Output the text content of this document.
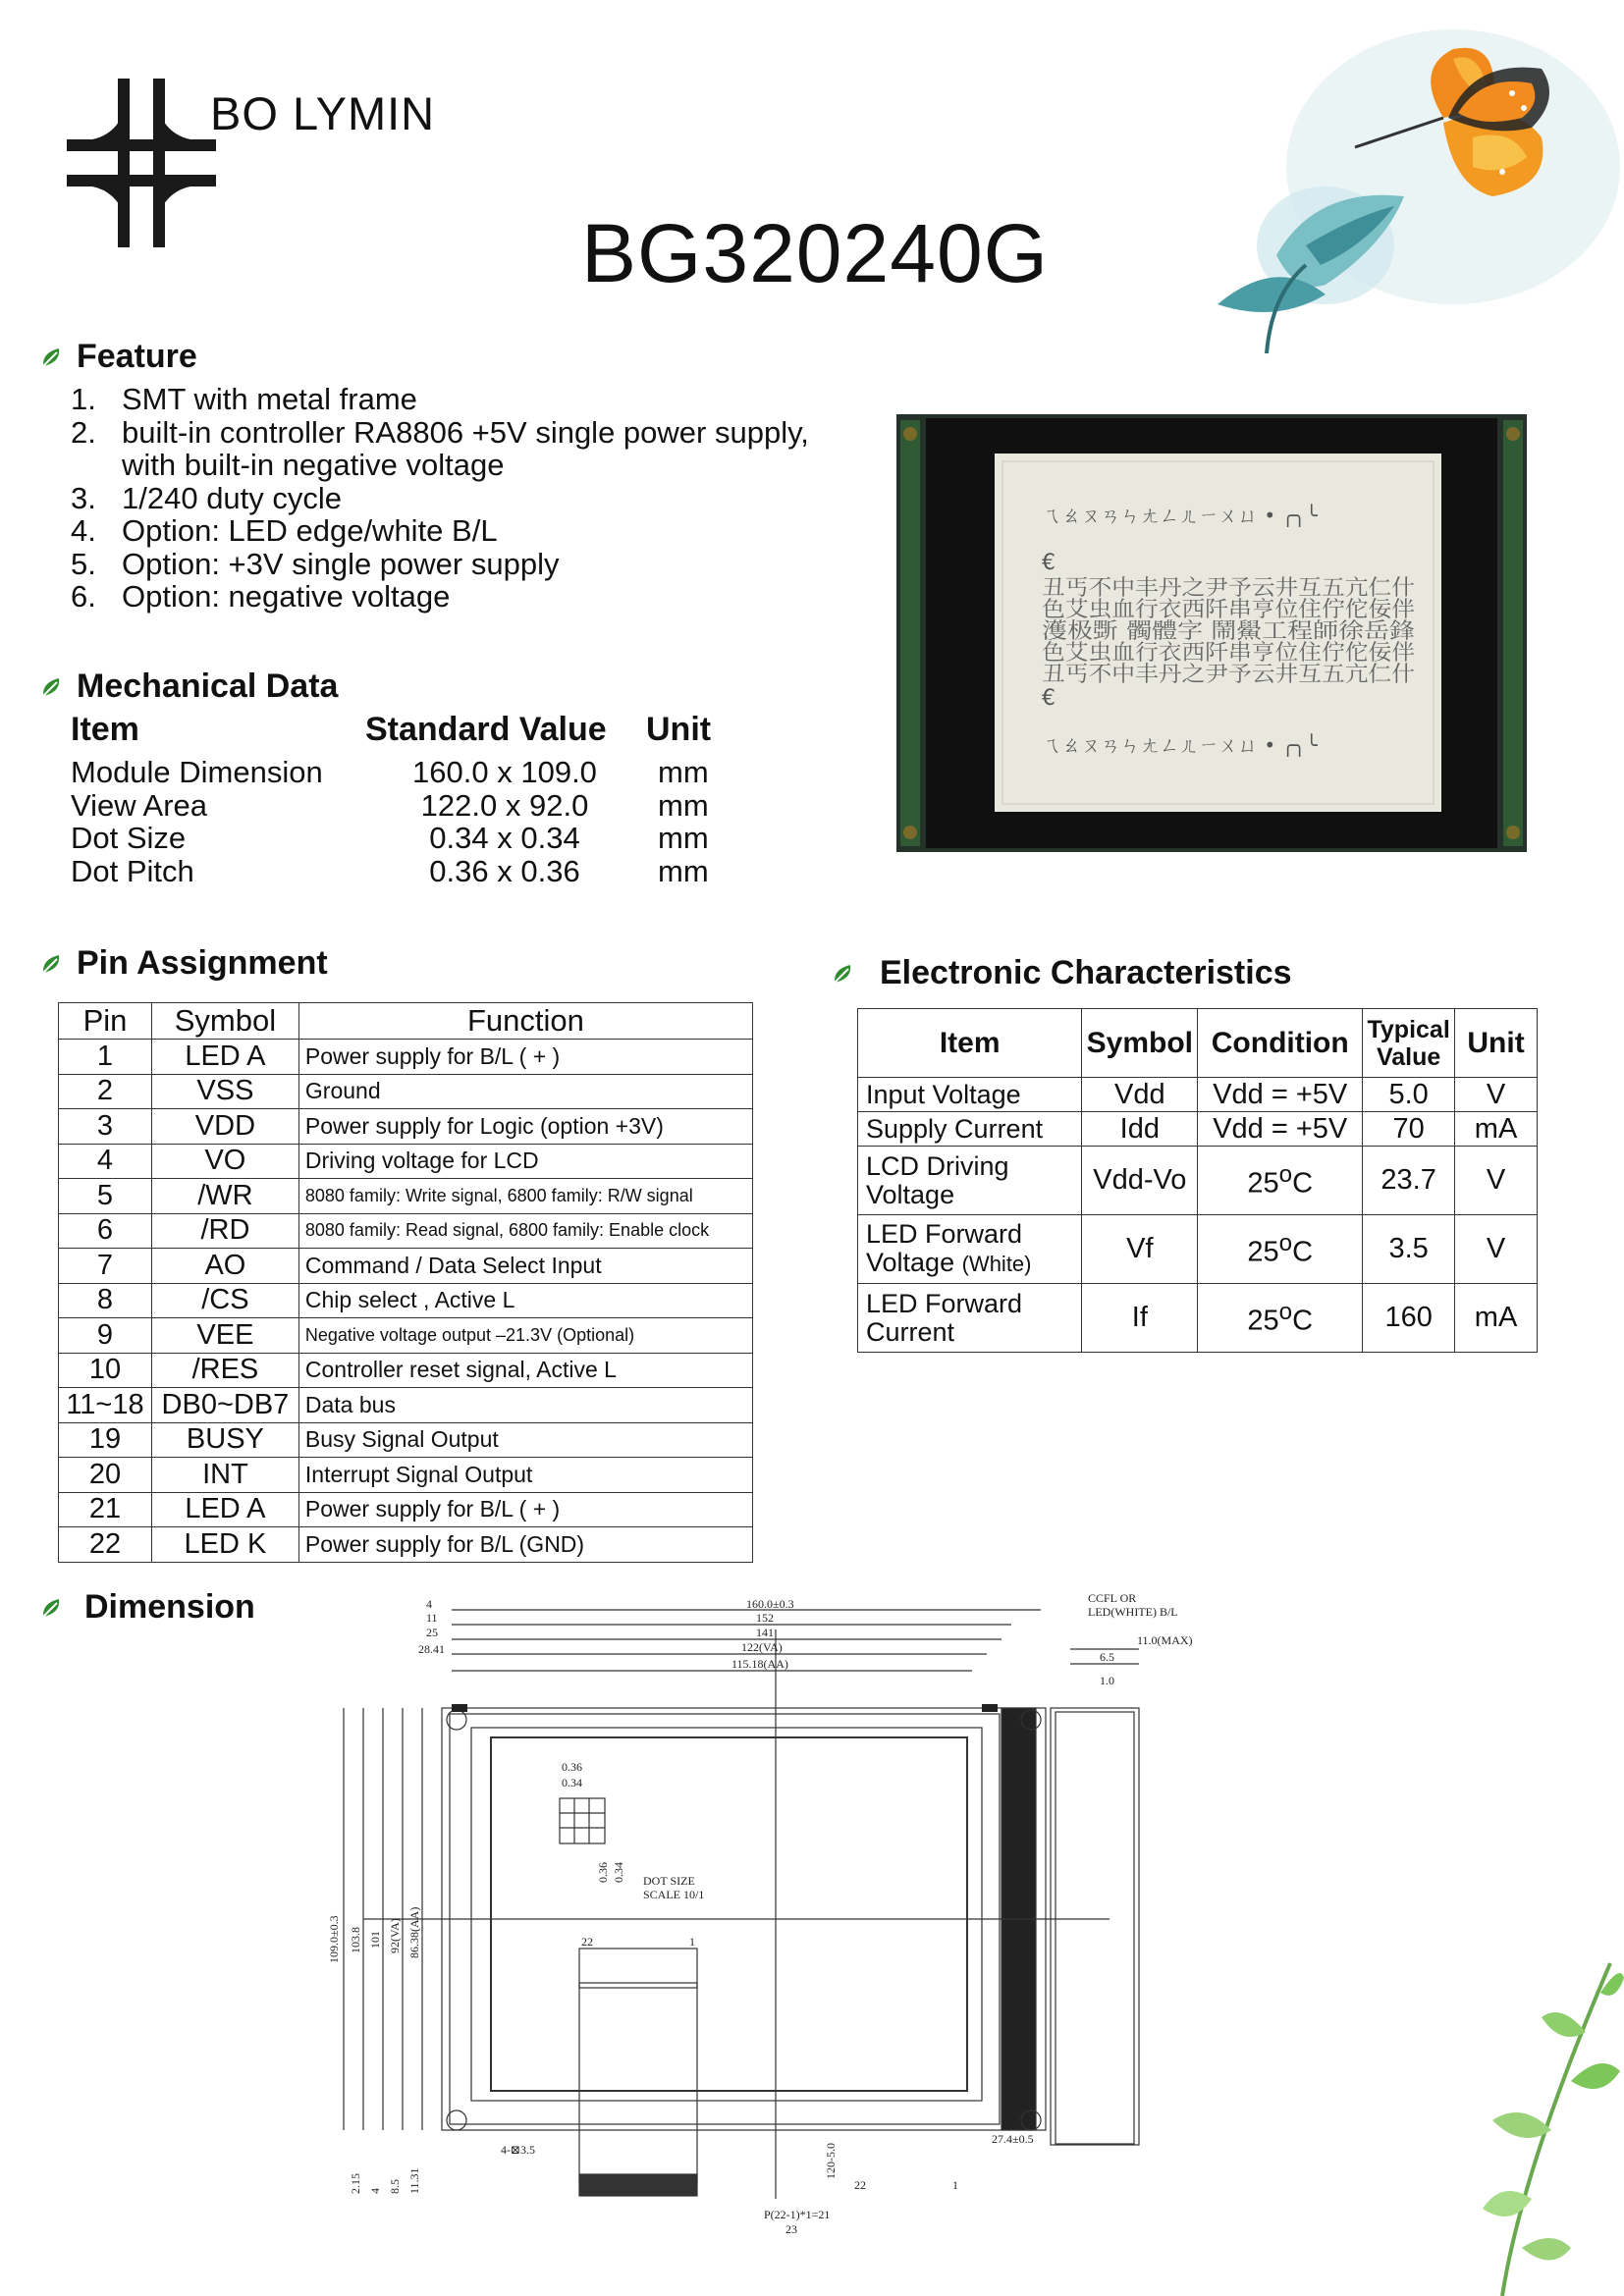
BO LYMIN
BG320240G
Feature
1. SMT with metal frame
2. built-in controller RA8806 +5V single power supply,
with built-in negative voltage
3. 1/240 duty cycle
4. Option: LED edge/white B/L
5. Option: +3V single power supply
6. Option: negative voltage
Mechanical Data
Item	Standard Value	Unit
Module Dimension	160.0 x 109.0	mm
View Area	122.0 x 92.0	mm
Dot Size	0.34 x 0.34	mm
Dot Pitch	0.36 x 0.36	mm
ㄟㄠㄡㄢㄣㄤㄥㄦㄧㄨㄩ • ╭╮╰
€
丑丐不中丰丹之尹予云井互五亢仁什
色艾虫血行衣西阡串亨位住佇佗佞伴
濩极斲 髑體字 鬧鱟工程師徐岳鋒
色艾虫血行衣西阡串亨位住佇佗佞伴
丑丐不中丰丹之尹予云井互五亢仁什
€
ㄟㄠㄡㄢㄣㄤㄥㄦㄧㄨㄩ • ╭╮╰
Pin Assignment
Pin	Symbol	Function
1	LED A	Power supply for B/L ( + )
2	VSS	Ground
3	VDD	Power supply for Logic (option +3V)
4	VO	Driving voltage for LCD
5	/WR	8080 family: Write signal, 6800 family: R/W signal
6	/RD	8080 family: Read signal, 6800 family: Enable clock
7	AO	Command / Data Select Input
8	/CS	Chip select , Active L
9	VEE	Negative voltage output –21.3V (Optional)
10	/RES	Controller reset signal, Active L
11~18	DB0~DB7	Data bus
19	BUSY	Busy Signal Output
20	INT	Interrupt Signal Output
21	LED A	Power supply for B/L ( + )
22	LED K	Power supply for B/L (GND)
Electronic Characteristics
Item	Symbol	Condition	Typical
Value	Unit
Input Voltage	Vdd	Vdd = +5V	5.0	V
Supply Current	Idd	Vdd = +5V	70	mA
LCD Driving
Voltage	Vdd-Vo	25$^o$C	23.7	V
LED Forward
Voltage (White)	Vf	25$^o$C	3.5	V
LED Forward
Current	If	25$^o$C	160	mA
Dimension	160.0±0.3
152
141
122(VA)
115.18(AA)
4
11
25
28.41
109.0±0.3 103.8 101 92(VA) 86.38(AA)
2.15 4 8.5 11.31
CCFL OR
LED(WHITE) B/L
11.0(MAX)
6.5
1.0
0.36
0.34
0.36 0.34 DOT SIZE
SCALE 10/1
22	1
4-⊠3.5
27.4±0.5
120-5.0
P(22-1)*1=21
23
22	1
